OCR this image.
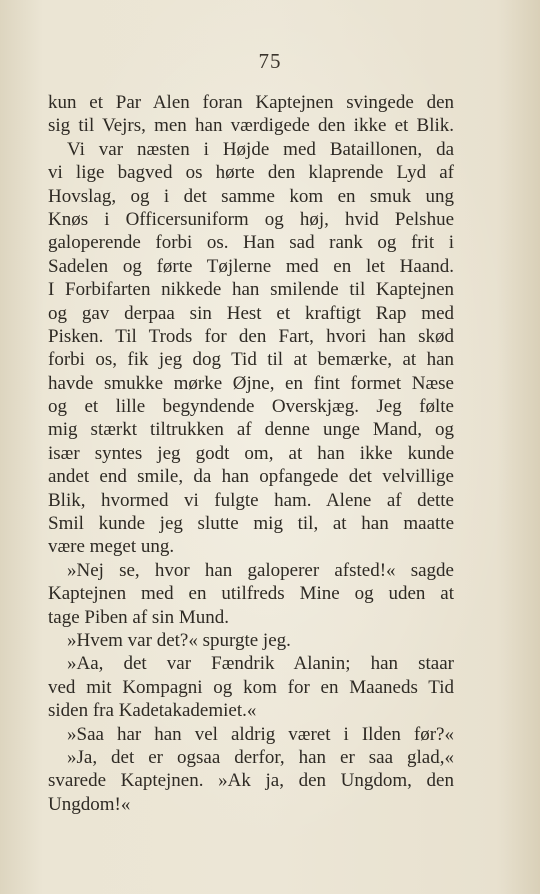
75
kun et Par Alen foran Kaptejnen svingede den
sig til Vejrs, men han værdigede den ikke et Blik.
 Vi var næsten i Højde med Bataillonen, da
vi lige bagved os hørte den klaprende Lyd af
Hovslag, og i det samme kom en smuk ung
Knøs i Officersuniform og høj, hvid Pelshue
galoperende forbi os. Han sad rank og frit i
Sadelen og førte Tøjlerne med en let Haand.
I Forbifarten nikkede han smilende til Kaptejnen
og gav derpaa sin Hest et kraftigt Rap med
Pisken. Til Trods for den Fart, hvori han skød
forbi os, fik jeg dog Tid til at bemærke, at han
havde smukke mørke Øjne, en fint formet Næse
og et lille begyndende Overskjæg. Jeg følte
mig stærkt tiltrukken af denne unge Mand, og
især syntes jeg godt om, at han ikke kunde
andet end smile, da han opfangede det velvillige
Blik, hvormed vi fulgte ham. Alene af dette
Smil kunde jeg slutte mig til, at han maatte
være meget ung.
 »Nej se, hvor han galoperer afsted!« sagde
Kaptejnen med en utilfreds Mine og uden at
tage Piben af sin Mund.
 »Hvem var det?« spurgte jeg.
 »Aa, det var Fændrik Alanin; han staar
ved mit Kompagni og kom for en Maaneds Tid
siden fra Kadetakademiet.«
 »Saa har han vel aldrig været i Ilden før?«
 »Ja, det er ogsaa derfor, han er saa glad,«
svarede Kaptejnen. »Ak ja, den Ungdom, den
Ungdom!«
